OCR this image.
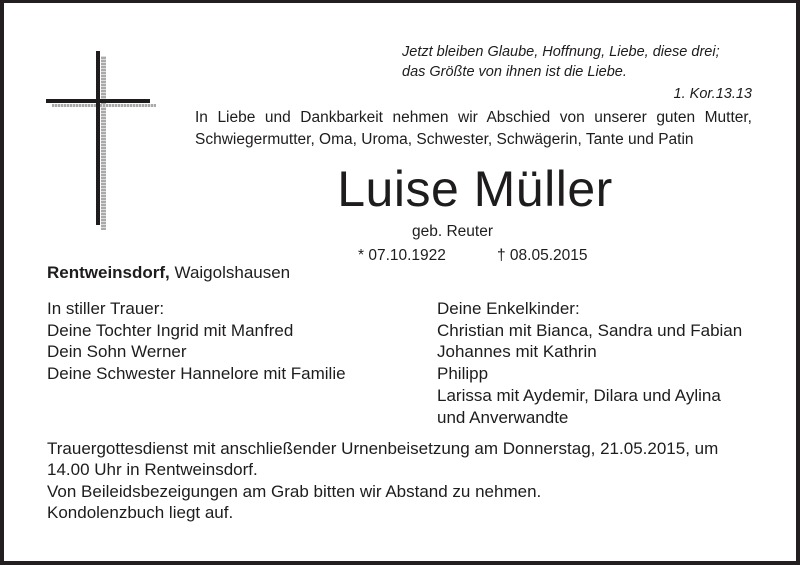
Jetzt bleiben Glaube, Hoffnung, Liebe, diese drei;
das Größte von ihnen ist die Liebe.
1. Kor.13.13
In Liebe und Dankbarkeit nehmen wir Abschied von unserer guten Mutter,
Schwiegermutter, Oma, Uroma, Schwester, Schwägerin, Tante und Patin
Luise Müller
geb. Reuter
* 07.10.1922	† 08.05.2015
Rentweinsdorf, Waigolshausen
In stiller Trauer:
Deine Tochter Ingrid mit Manfred
Dein Sohn Werner
Deine Schwester Hannelore mit Familie
Deine Enkelkinder:
Christian mit Bianca, Sandra und Fabian
Johannes mit Kathrin
Philipp
Larissa mit Aydemir, Dilara und Aylina
und Anverwandte
Trauergottesdienst mit anschließender Urnenbeisetzung am Donnerstag, 21.05.2015, um
14.00 Uhr in Rentweinsdorf.
Von Beileidsbezeigungen am Grab bitten wir Abstand zu nehmen.
Kondolenzbuch liegt auf.
